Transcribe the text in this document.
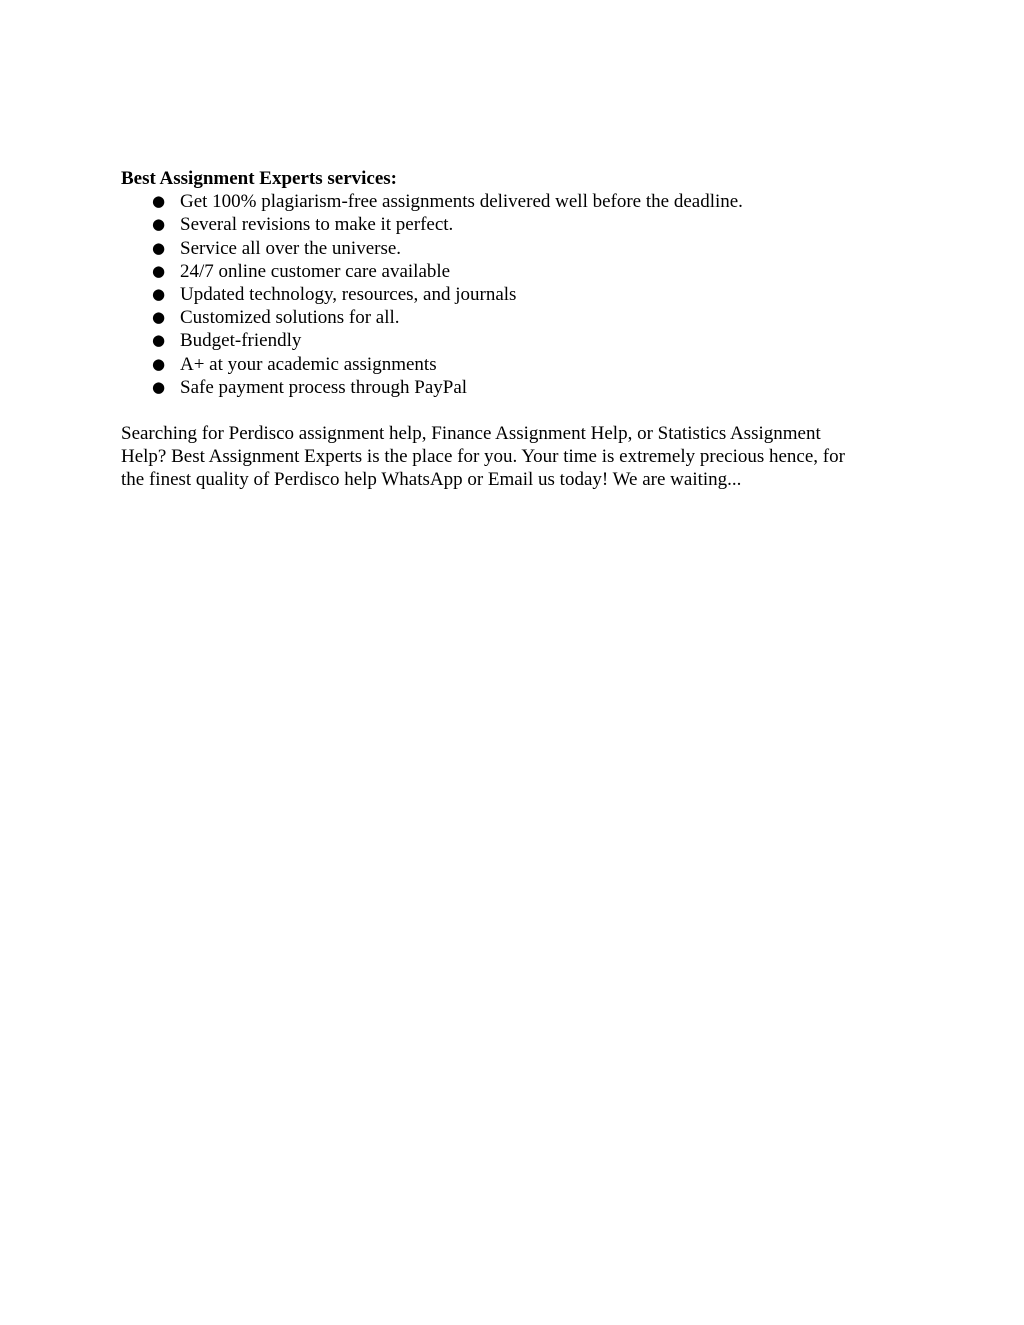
Best Assignment Experts services:
● Get 100% plagiarism-free assignments delivered well before the deadline.
● Several revisions to make it perfect.
● Service all over the universe.
● 24/7 online customer care available
● Updated technology, resources, and journals
● Customized solutions for all.
● Budget-friendly
● A+ at your academic assignments
● Safe payment process through PayPal
Searching for Perdisco assignment help, Finance Assignment Help, or Statistics Assignment
Help? Best Assignment Experts is the place for you. Your time is extremely precious hence, for
the finest quality of Perdisco help WhatsApp or Email us today! We are waiting...
